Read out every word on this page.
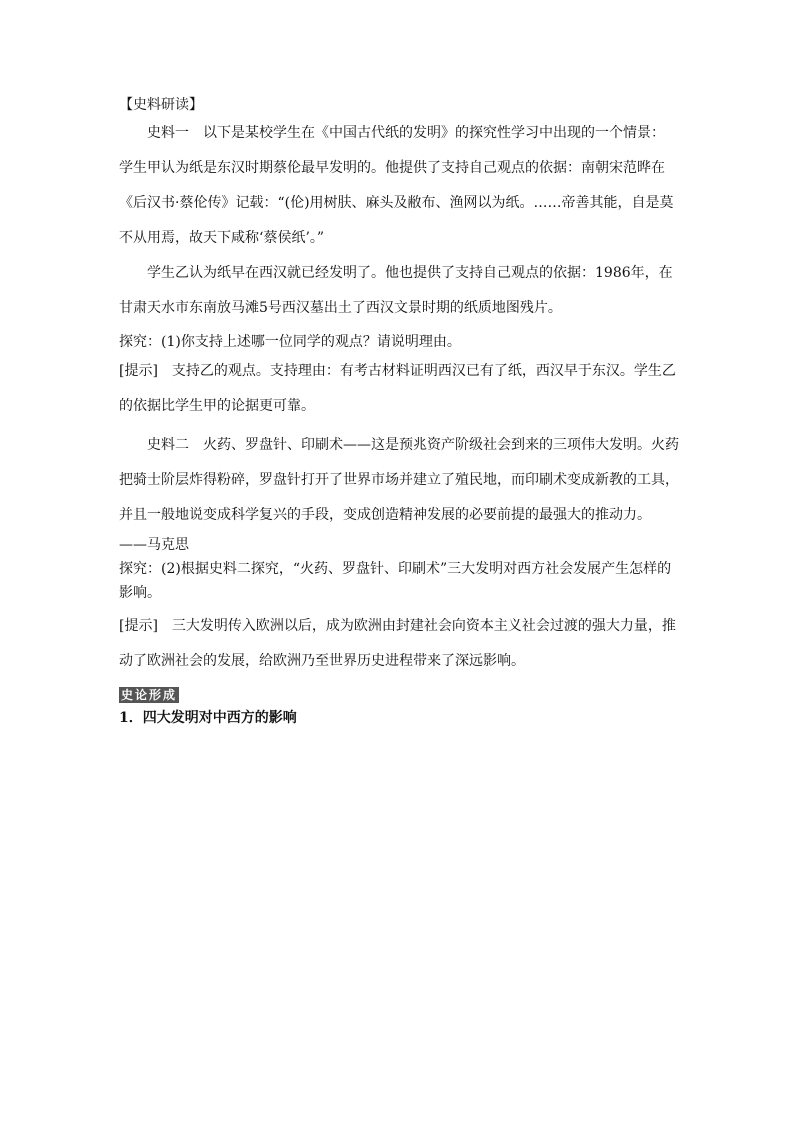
【史料研读】
史料一　以下是某校学生在《中国古代纸的发明》的探究性学习中出现的一个情景：
学生甲认为纸是东汉时期蔡伦最早发明的。他提供了支持自己观点的依据：南朝宋范晔在
《后汉书·蔡伦传》记载：“(伦)用树肤、麻头及敝布、渔网以为纸。……帝善其能，自是莫
不从用焉，故天下咸称‘蔡侯纸’。”
学生乙认为纸早在西汉就已经发明了。他也提供了支持自己观点的依据：1986年，在
甘肃天水市东南放马滩5号西汉墓出土了西汉文景时期的纸质地图残片。
探究：(1)你支持上述哪一位同学的观点？请说明理由。
[提示]　支持乙的观点。支持理由：有考古材料证明西汉已有了纸，西汉早于东汉。学生乙
的依据比学生甲的论据更可靠。
史料二　火药、罗盘针、印刷术——这是预兆资产阶级社会到来的三项伟大发明。火药
把骑士阶层炸得粉碎，罗盘针打开了世界市场并建立了殖民地，而印刷术变成新教的工具，
并且一般地说变成科学复兴的手段，变成创造精神发展的必要前提的最强大的推动力。
——马克思
探究：(2)根据史料二探究，“火药、罗盘针、印刷术”三大发明对西方社会发展产生怎样的
影响。
[提示]　三大发明传入欧洲以后，成为欧洲由封建社会向资本主义社会过渡的强大力量，推
动了欧洲社会的发展，给欧洲乃至世界历史进程带来了深远影响。
史论形成
1．四大发明对中西方的影响
